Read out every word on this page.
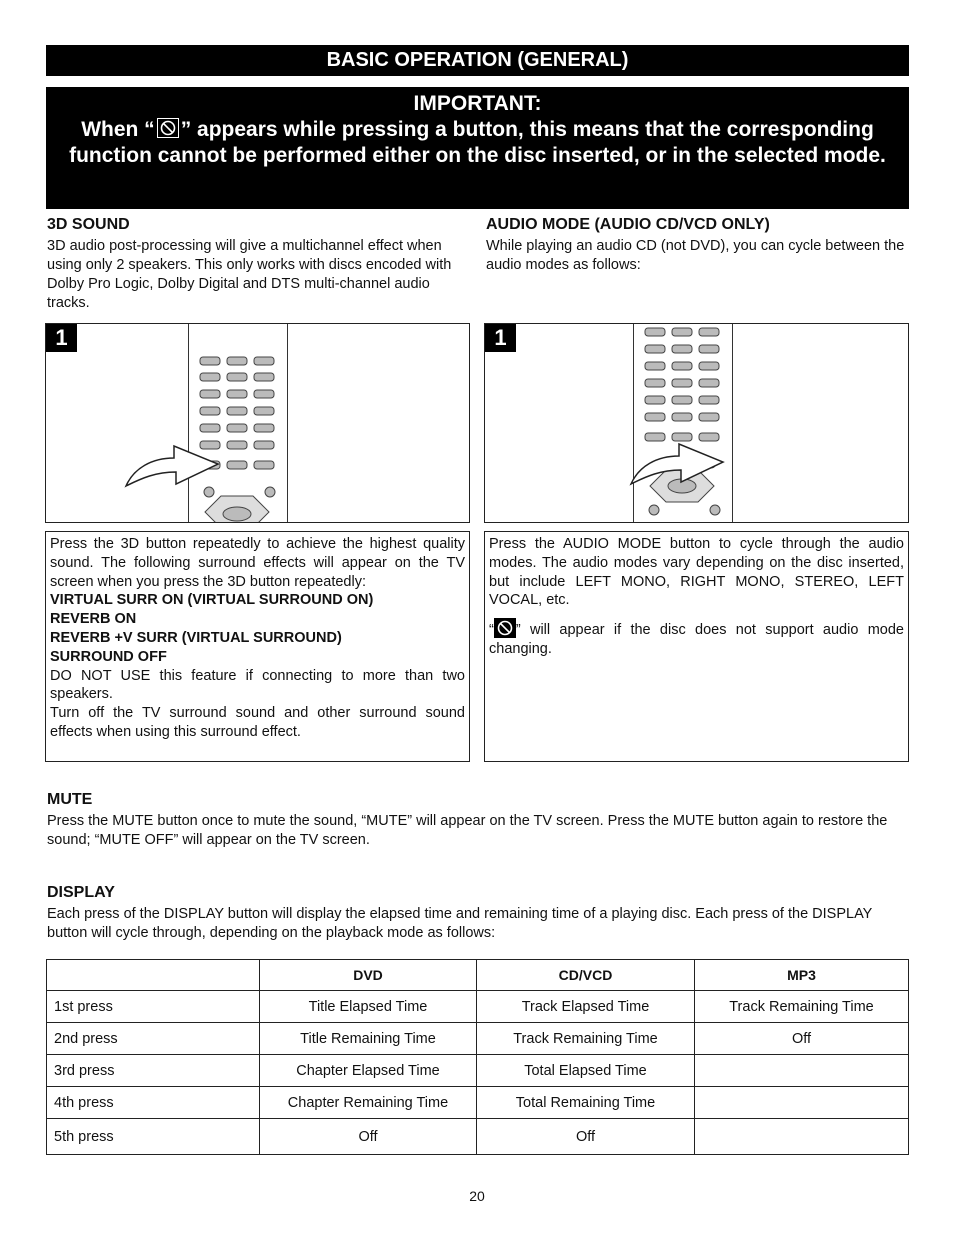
BASIC OPERATION (GENERAL)
IMPORTANT:
When “ ” appears while pressing a button, this means that the corresponding function cannot be performed either on the disc inserted, or in the selected mode.
3D SOUND
3D audio post-processing will give a multichannel effect when using only 2 speakers. This only works with discs encoded with Dolby Pro Logic, Dolby Digital and DTS multi-channel audio tracks.
1
Press the 3D button repeatedly to achieve the highest quality sound. The following surround effects will appear on the TV screen when you press the 3D button repeatedly:
VIRTUAL SURR ON (VIRTUAL SURROUND ON)
REVERB ON
REVERB +V SURR (VIRTUAL SURROUND)
SURROUND OFF
DO NOT USE this feature if connecting to more than two speakers.
Turn off the TV surround sound and other surround sound effects when using this surround effect.
AUDIO MODE (AUDIO CD/VCD ONLY)
While playing an audio CD (not DVD), you can cycle between the audio modes as follows:
1
Press the AUDIO MODE button to cycle through the audio modes. The audio modes vary depending on the disc inserted, but include LEFT MONO, RIGHT MONO, STEREO, LEFT VOCAL, etc.
“ ” will appear if the disc does not support audio mode changing.
MUTE
Press the MUTE button once to mute the sound, “MUTE” will appear on the TV screen. Press the MUTE button again to restore the sound; “MUTE OFF” will appear on the TV screen.
DISPLAY
Each press of the DISPLAY button will display the elapsed time and remaining time of a playing disc. Each press of the DISPLAY button will cycle through, depending on the playback mode as follows:
	DVD	CD/VCD	MP3
1st press	Title Elapsed Time	Track Elapsed Time	Track Remaining Time
2nd press	Title Remaining Time	Track Remaining Time	Off
3rd press	Chapter Elapsed Time	Total Elapsed Time	
4th press	Chapter Remaining Time	Total Remaining Time	
5th press	Off	Off	
20
